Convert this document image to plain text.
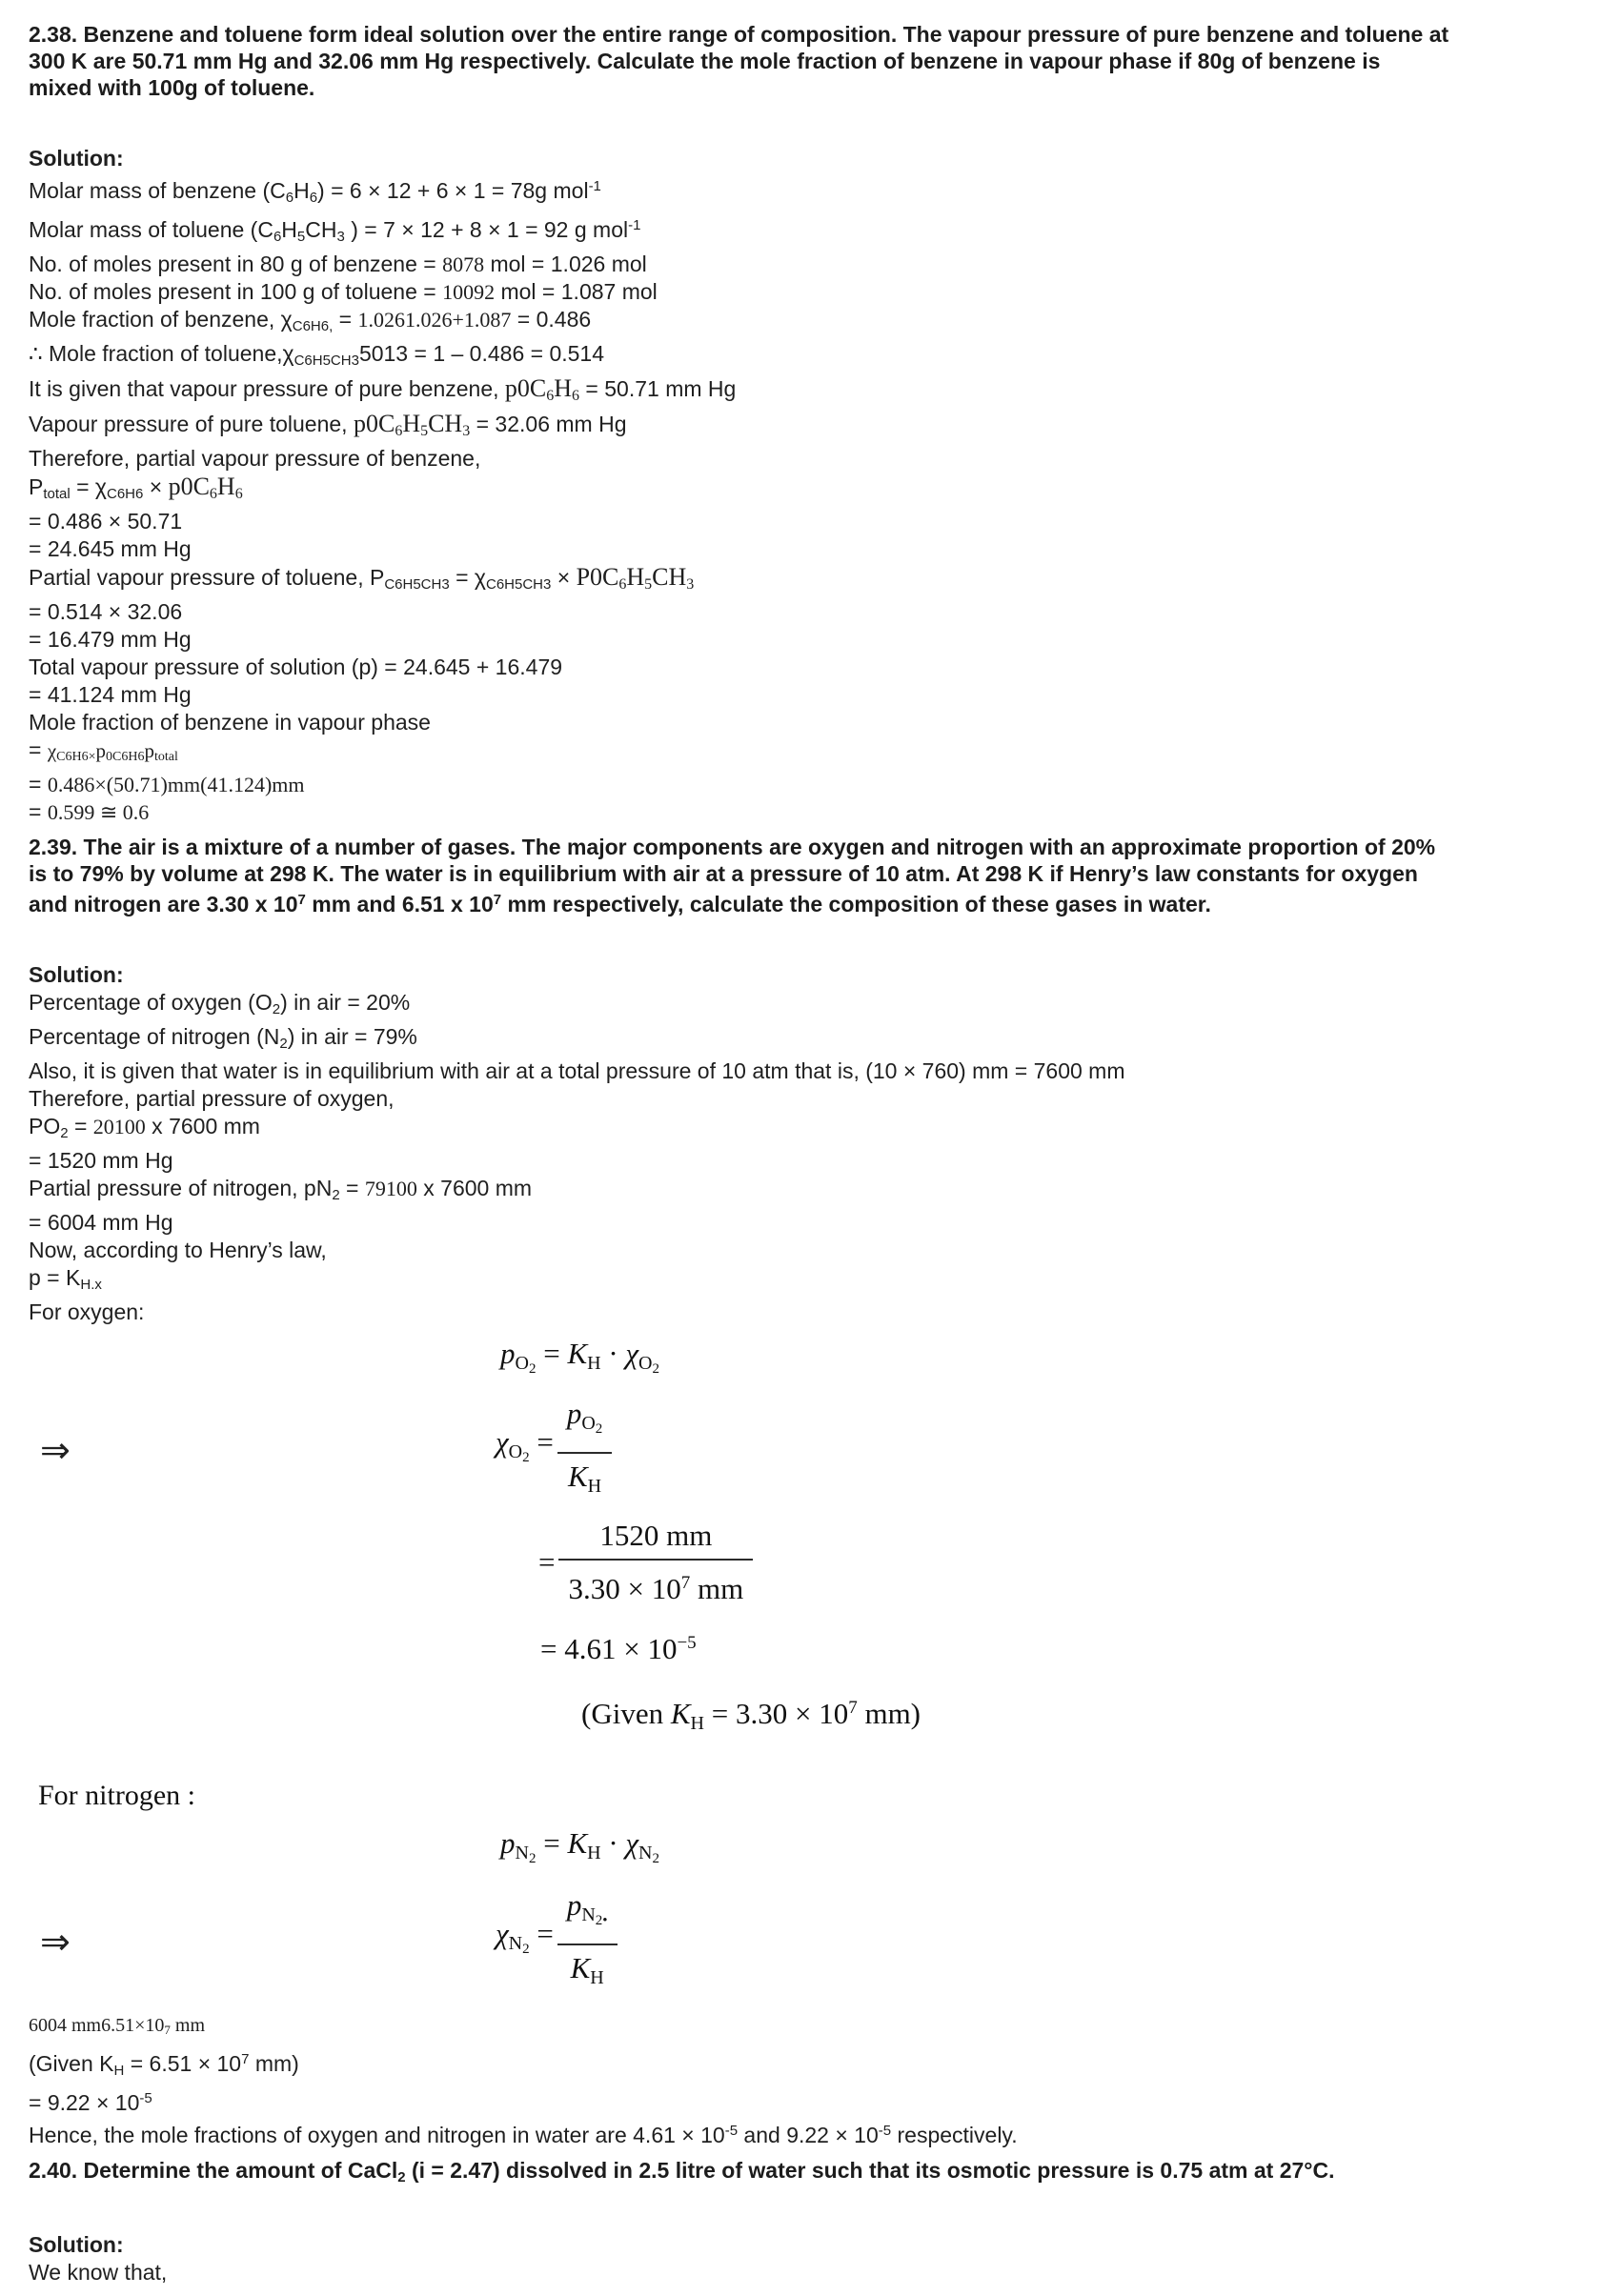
2.38. Benzene and toluene form ideal solution over the entire range of composition. The vapour pressure of pure benzene and toluene at
300 K are 50.71 mm Hg and 32.06 mm Hg respectively. Calculate the mole fraction of benzene in vapour phase if 80g of benzene is
mixed with 100g of toluene.
Solution:
Molar mass of benzene (C6H6) = 6 × 12 + 6 × 1 = 78g mol$^{-1}$
Molar mass of toluene (C6H5CH3 ) = 7 × 12 + 8 × 1 = 92 g mol$^{-1}$
No. of moles present in 80 g of benzene = 8078 mol = 1.026 mol
No. of moles present in 100 g of toluene = 10092 mol = 1.087 mol
Mole fraction of benzene, χC6H6, = 1.0261.026+1.087 = 0.486
∴ Mole fraction of toluene,χC6H5CH35013 = 1 – 0.486 = 0.514
It is given that vapour pressure of pure benzene, p0C6H6 = 50.71 mm Hg
Vapour pressure of pure toluene, p0C6H5CH3 = 32.06 mm Hg
Therefore, partial vapour pressure of benzene,
Ptotal = χC6H6 × p0C6H6
= 0.486 × 50.71
= 24.645 mm Hg
Partial vapour pressure of toluene, PC6H5CH3 = χC6H5CH3 × P0C6H5CH3
= 0.514 × 32.06
= 16.479 mm Hg
Total vapour pressure of solution (p) = 24.645 + 16.479
= 41.124 mm Hg
Mole fraction of benzene in vapour phase
= χC6H6×p0C6H6ptotal
= 0.486×(50.71)mm(41.124)mm
= 0.599 ≅ 0.6
2.39. The air is a mixture of a number of gases. The major components are oxygen and nitrogen with an approximate proportion of 20%
is to 79% by volume at 298 K. The water is in equilibrium with air at a pressure of 10 atm. At 298 K if Henry’s law constants for oxygen
and nitrogen are 3.30 x $10^7$ mm and 6.51 x $10^7$ mm respectively, calculate the composition of these gases in water.
Solution:
Percentage of oxygen (O2) in air = 20%
Percentage of nitrogen (N2) in air = 79%
Also, it is given that water is in equilibrium with air at a total pressure of 10 atm that is, (10 × 760) mm = 7600 mm
Therefore, partial pressure of oxygen,
PO2 = 20100 x 7600 mm
= 1520 mm Hg
Partial pressure of nitrogen, pN2 = 79100 x 7600 mm
= 6004 mm Hg
Now, according to Henry’s law,
p = KH.x
For oxygen:
$pO_2$ = KH · $\chi O_2$
⇒	$\chi O_2 = \frac{pO_2}{KH}$
= $\frac{1520 mm}{3.30 \times 10^7 mm}$
= $4.61 \times 10^{-5}$
(Given KH = $3.30 \times 10^7$ mm)
For nitrogen :
$pN_2$ = KH · $\chi N_2$
⇒	$\chi N_2 = \frac{pN_{2•}}{KH}$
6004 mm6.51×107 mm
(Given KH = $6.51 \times 10^7$ mm)
= $9.22 \times 10^{-5}$
Hence, the mole fractions of oxygen and nitrogen in water are $4.61 \times 10^{-5}$ and $9.22 \times 10^{-5}$ respectively.
2.40. Determine the amount of CaCl2 (i = 2.47) dissolved in 2.5 litre of water such that its osmotic pressure is 0.75 atm at 27°C.
Solution:
We know that,
